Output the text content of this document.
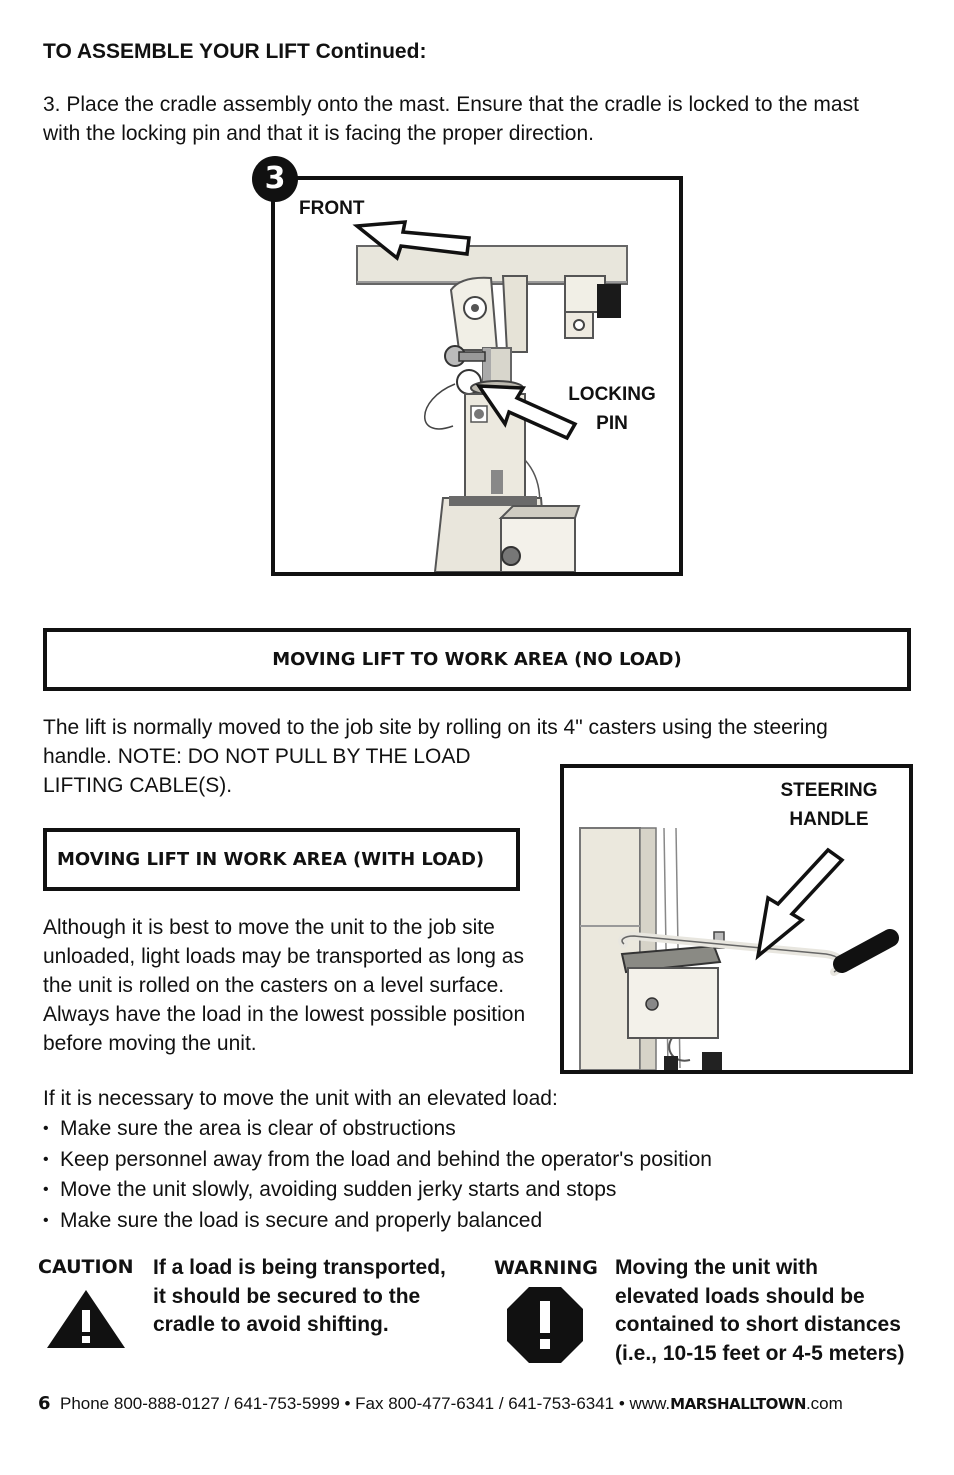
TO ASSEMBLE YOUR LIFT Continued:
3. Place the cradle assembly onto the mast. Ensure that the cradle is locked to the mast
with the locking pin and that it is facing the proper direction.
3
FRONT
LOCKING
PIN
MOVING LIFT TO WORK AREA (NO LOAD)
The lift is normally moved to the job site by rolling on its 4" casters using the steering
handle. NOTE: DO NOT PULL BY THE LOAD
LIFTING CABLE(S).	STEERING
HANDLE
MOVING LIFT IN WORK AREA (WITH LOAD)
Although it is best to move the unit to the job site
unloaded, light loads may be transported as long as
the unit is rolled on the casters on a level surface.
Always have the load in the lowest possible position
before moving the unit.
If it is necessary to move the unit with an elevated load:
• Make sure the area is clear of obstructions
• Keep personnel away from the load and behind the operator's position
• Move the unit slowly, avoiding sudden jerky starts and stops
• Make sure the load is secure and properly balanced
CAUTION If a load is being transported,
it should be secured to the
cradle to avoid shifting.
WARNING Moving the unit with
elevated loads should be
contained to short distances
(i.e., 10-15 feet or 4-5 meters)
6 Phone 800-888-0127 / 641-753-5999 • Fax 800-477-6341 / 641-753-6341 • www.MARSHALLTOWN.com
